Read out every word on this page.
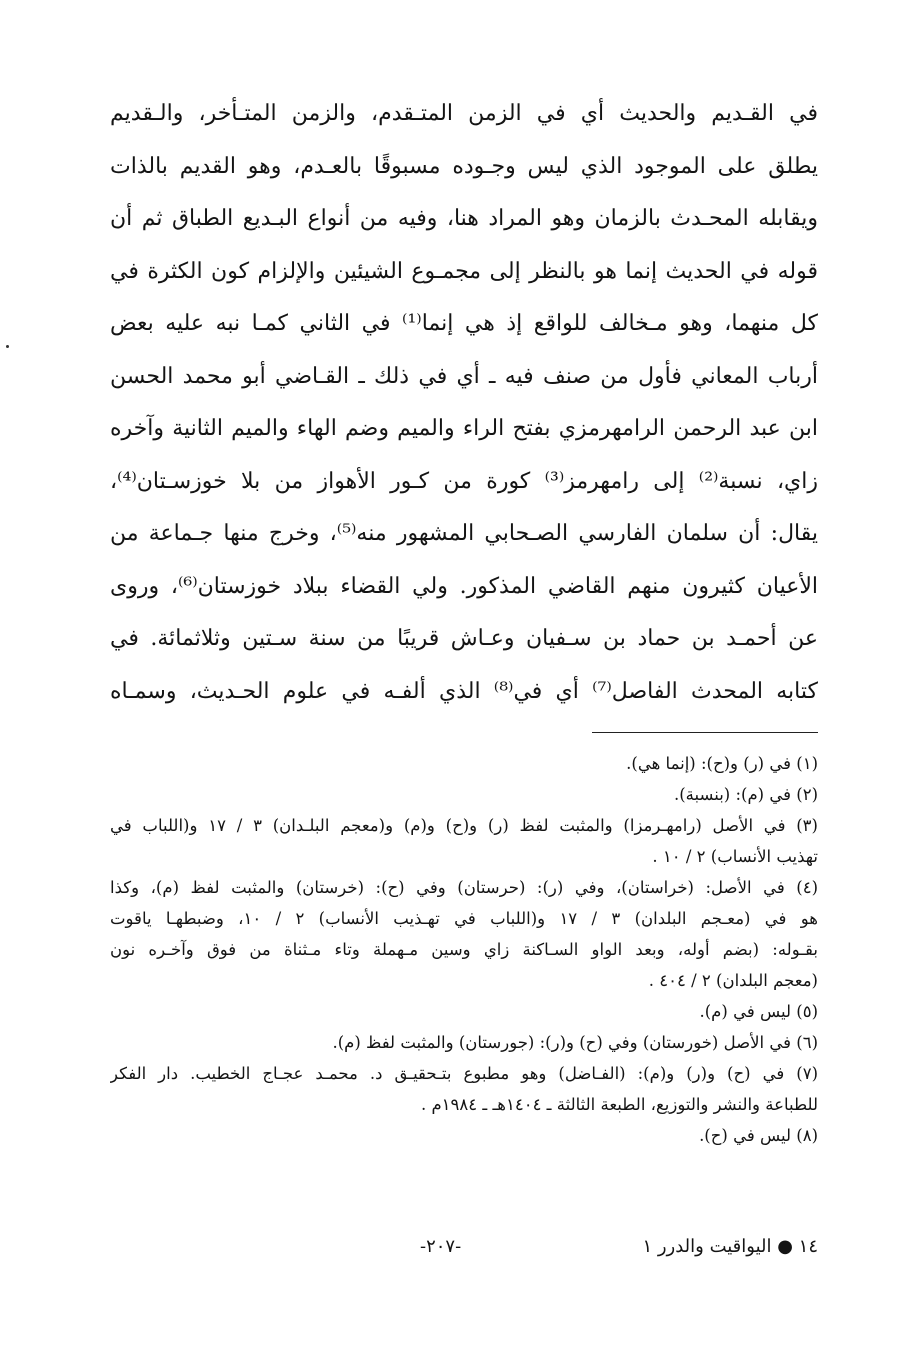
في القـديم والحديث أي في الزمن المتـقدم، والزمن المتـأخر، والـقديم
يطلق على الموجود الذي ليس وجـوده مسبوقًا بالعـدم، وهو القديم بالذات
ويقابله المحـدث بالزمان وهو المراد هنا، وفيه من أنواع البـديع الطباق ثم أن
قوله في الحديث إنما هو بالنظر إلى مجمـوع الشيئين والإلزام كون الكثرة في
كل منهما، وهو مـخالف للواقع إذ هي إنما⁽¹⁾ في الثاني كمـا نبه عليه بعض
أرباب المعاني فأول من صنف فيه ـ أي في ذلك ـ القـاضي أبو محمد الحسن
ابن عبد الرحمن الرامهرمزي بفتح الراء والميم وضم الهاء والميم الثانية وآخره
زاي، نسبة⁽²⁾ إلى رامهرمز⁽³⁾ كورة من كـور الأهواز من بلا خوزسـتان⁽⁴⁾،
يقال: أن سلمان الفارسي الصـحابي المشهور منه⁽⁵⁾، وخرج منها جـماعة من
الأعيان كثيرون منهم القاضي المذكور. ولي القضاء ببلاد خوزستان⁽⁶⁾، وروى
عن أحمـد بن حماد بن سـفيان وعـاش قريبًا من سنة سـتين وثلاثمائة. في
كتابه المحدث الفاصل⁽⁷⁾ أي في⁽⁸⁾ الذي ألفـه في علوم الحـديث، وسمـاه
(١) في (ر) و(ح): (إنما هي).
(٢) في (م): (بنسبة).
(٣) في الأصل (رامهـرمزا) والمثبت لفظ (ر) و(ح) و(م) و(معجم البلـدان) ٣ / ١٧ و(اللباب في
تهذيب الأنساب) ٢ / ١٠ .
(٤) في الأصل: (خراستان)، وفي (ر): (حرستان) وفي (ح): (خرستان) والمثبت لفظ (م)، وكذا
هو في (معـجم البلدان) ٣ / ١٧ و(اللباب في تهـذيب الأنساب) ٢ / ١٠، وضبطهـا ياقوت
بقـوله: (بضم أوله، وبعد الواو السـاكنة زاي وسين مـهملة وتاء مـثناة من فوق وآخـره نون
(معجم البلدان) ٢ / ٤٠٤ .
(٥) ليس في (م).
(٦) في الأصل (خورستان) وفي (ح) و(ر): (جورستان) والمثبت لفظ (م).
(٧) في (ح) و(ر) و(م): (الفـاضل) وهو مطبوع بتـحقيـق د. محمـد عجـاج الخطيب. دار الفكر
للطباعة والنشر والتوزيع، الطبعة الثالثة ـ ١٤٠٤هـ ـ ١٩٨٤م .
(٨) ليس في (ح).
١٤ ● اليواقيت والدرر ١
-٢٠٧-
